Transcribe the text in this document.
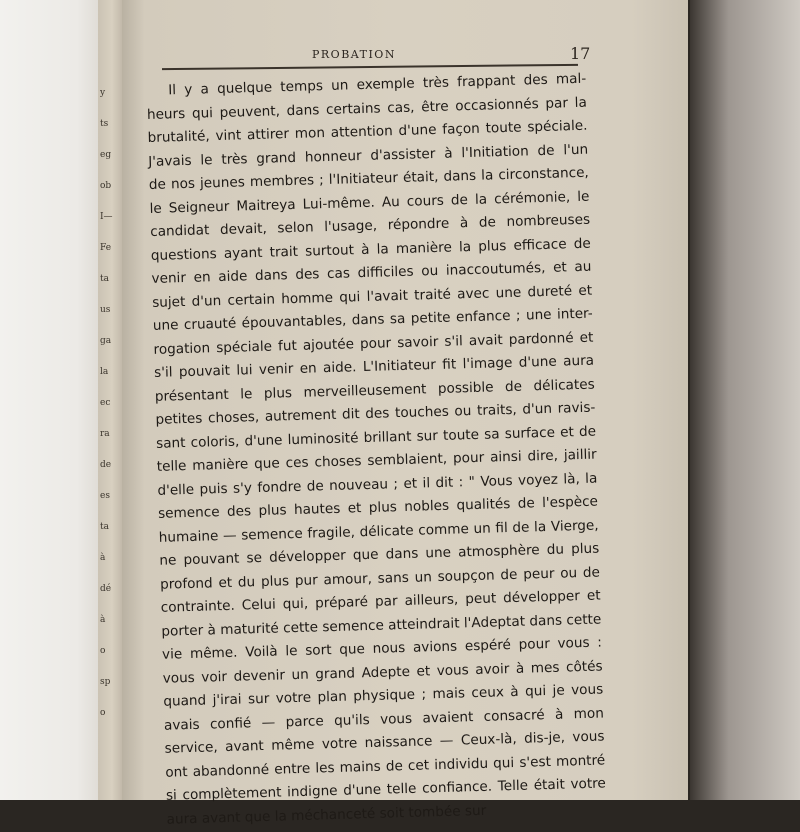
y
ts
eg
ob
I—
Fe
ta
us
ga
la
ec
ra
de
es
ta
à
dé
à
o
sp
o
PROBATION	17
Il y a quelque temps un exemple très frappant des mal-
heurs qui peuvent, dans certains cas, être occasionnés par la
brutalité, vint attirer mon attention d'une façon toute spéciale.
J'avais le très grand honneur d'assister à l'Initiation de l'un
de nos jeunes membres ; l'Initiateur était, dans la circonstance,
le Seigneur Maitreya Lui-même. Au cours de la cérémonie, le
candidat devait, selon l'usage, répondre à de nombreuses
questions ayant trait surtout à la manière la plus efficace de
venir en aide dans des cas difficiles ou inaccoutumés, et au
sujet d'un certain homme qui l'avait traité avec une dureté et
une cruauté épouvantables, dans sa petite enfance ; une inter-
rogation spéciale fut ajoutée pour savoir s'il avait pardonné et
s'il pouvait lui venir en aide. L'Initiateur fit l'image d'une aura
présentant le plus merveilleusement possible de délicates
petites choses, autrement dit des touches ou traits, d'un ravis-
sant coloris, d'une luminosité brillant sur toute sa surface et de
telle manière que ces choses semblaient, pour ainsi dire, jaillir
d'elle puis s'y fondre de nouveau ; et il dit : " Vous voyez là, la
semence des plus hautes et plus nobles qualités de l'espèce
humaine — semence fragile, délicate comme un fil de la Vierge,
ne pouvant se développer que dans une atmosphère du plus
profond et du plus pur amour, sans un soupçon de peur ou de
contrainte. Celui qui, préparé par ailleurs, peut développer et
porter à maturité cette semence atteindrait l'Adeptat dans cette
vie même. Voilà le sort que nous avions espéré pour vous :
vous voir devenir un grand Adepte et vous avoir à mes côtés
quand j'irai sur votre plan physique ; mais ceux à qui je vous
avais confié — parce qu'ils vous avaient consacré à mon
service, avant même votre naissance — Ceux-là, dis-je, vous
ont abandonné entre les mains de cet individu qui s'est montré
si complètement indigne d'une telle confiance. Telle était votre
aura avant que la méchanceté soit tombée sur
